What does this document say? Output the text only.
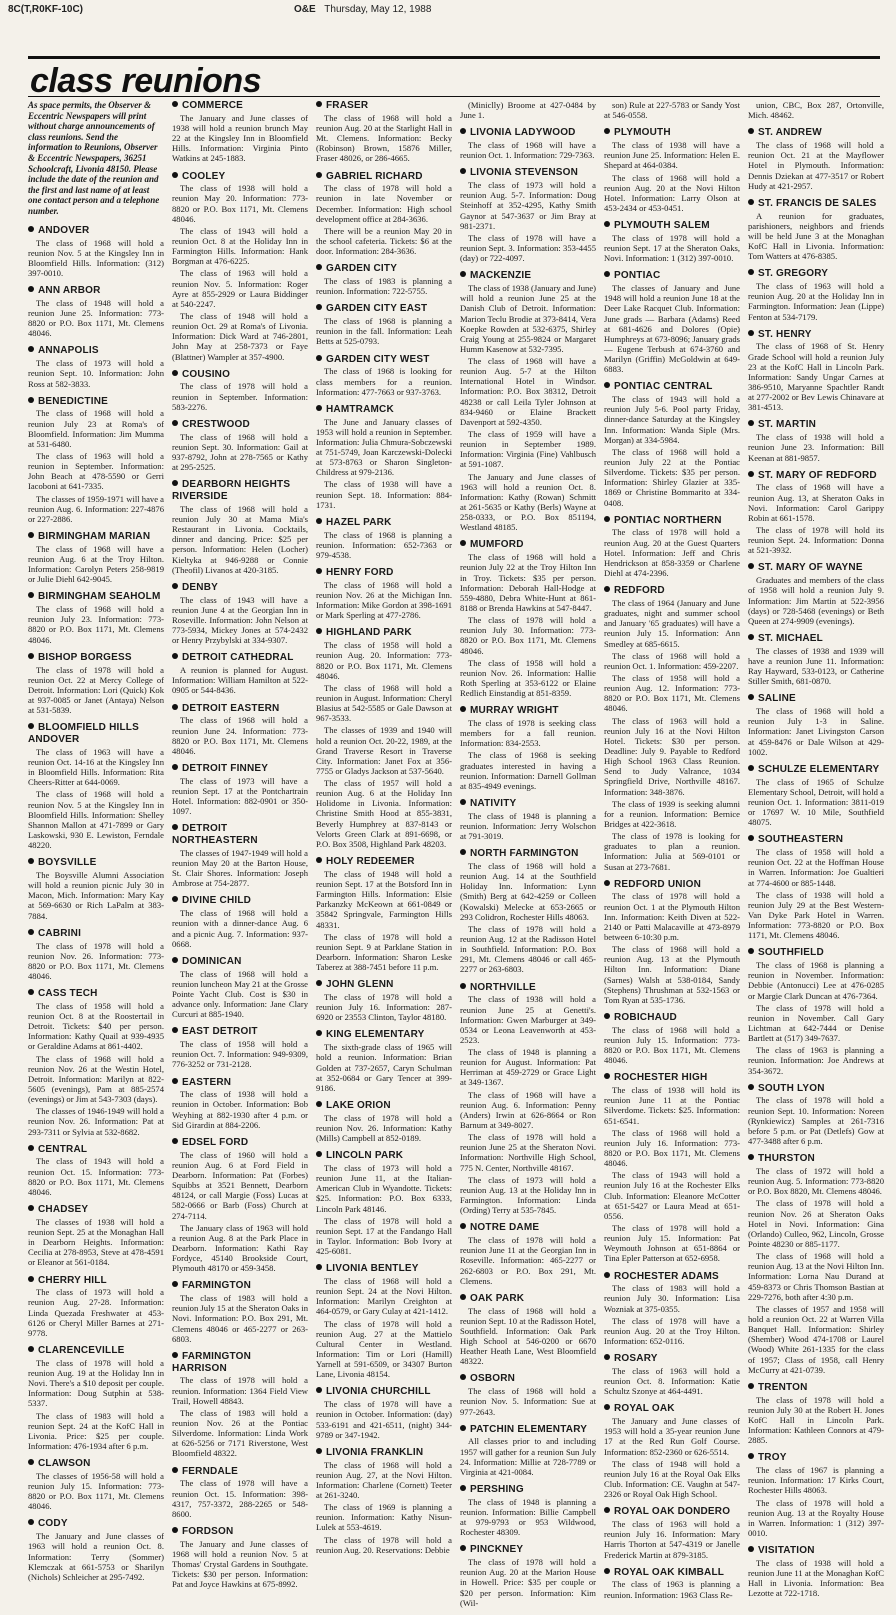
8C(T,R0KF-10C)	O&E Thursday, May 12, 1988
class reunions

As space permits, the Observer & Eccentric Newspapers will print without charge announcements of class reunions. Send the information to Reunions, Observer & Eccentric Newspapers, 36251 Schoolcraft, Livonia 48150. Please include the date of the reunion and the first and last name of at least one contact person and a telephone number.

ANDOVER

The class of 1968 will hold a reunion Nov. 5 at the Kingsley Inn in Bloomfield Hills. Information: (312) 397-0010.

ANN ARBOR

The class of 1948 will hold a reunion June 25. Information: 773-8820 or P.O. Box 1171, Mt. Clemens 48046.

ANNAPOLIS

The class of 1973 will hold a reunion Sept. 10. Information: John Ross at 582-3833.

BENEDICTINE

The class of 1968 will hold a reunion July 23 at Roma's of Bloomfield. Information: Jim Mumma at 531-6480.

The class of 1963 will hold a reunion in September. Information: John Beach at 478-5590 or Gerri Iacoboni at 641-7335.

The classes of 1959-1971 will have a reunion Aug. 6. Information: 227-4876 or 227-2886.

BIRMINGHAM MARIAN

The class of 1968 will have a reunion Aug. 6 at the Troy Hilton. Information: Carolyn Peters 258-9819 or Julie Diehl 642-9045.

BIRMINGHAM SEAHOLM

The class of 1968 will hold a reunion July 23. Information: 773-8820 or P.O. Box 1171, Mt. Clemens 48046.

BISHOP BORGESS

The class of 1978 will hold a reunion Oct. 22 at Mercy College of Detroit. Information: Lori (Quick) Kok at 937-0085 or Janet (Antaya) Nelson at 531-5839.

BLOOMFIELD HILLS ANDOVER

The class of 1963 will have a reunion Oct. 14-16 at the Kingsley Inn in Bloomfield Hills. Information: Rita Cheers-Ritter at 644-0069.

The class of 1968 will hold a reunion Nov. 5 at the Kingsley Inn in Bloomfield Hills. Information: Shelley Shannon Mallon at 471-7899 or Gary Laskowski, 930 E. Lewiston, Ferndale 48220.

BOYSVILLE

The Boysville Alumni Association will hold a reunion picnic July 30 in Macon, Mich. Information: Mary Kay at 569-6630 or Rich LaPalm at 383-7884.

CABRINI

The class of 1978 will hold a reunion Nov. 26. Information: 773-8820 or P.O. Box 1171, Mt. Clemens 48046.

CASS TECH

The class of 1958 will hold a reunion Oct. 8 at the Roostertail in Detroit. Tickets: $40 per person. Information: Kathy Quail at 939-4935 or Geraldine Adams at 861-4402.

The class of 1968 will hold a reunion Nov. 26 at the Westin Hotel, Detroit. Information: Marilyn at 822-5605 (evenings), Pam at 885-2574 (evenings) or Jim at 543-7303 (days).

The classes of 1946-1949 will hold a reunion Nov. 26. Information: Pat at 293-7311 or Sylvia at 532-8682.

CENTRAL

The class of 1943 will hold a reunion Oct. 15. Information: 773-8820 or P.O. Box 1171, Mt. Clemens 48046.

CHADSEY

The classes of 1938 will hold a reunion Sept. 25 at the Monaghan Hall in Dearborn Heights. Information: Cecilia at 278-8953, Steve at 478-4591 or Eleanor at 561-0184.

CHERRY HILL

The class of 1973 will hold a reunion Aug. 27-28. Information: Linda Quezada Freshwater at 453-6126 or Cheryl Miller Barnes at 271-9778.

CLARENCEVILLE

The class of 1978 will hold a reunion Aug. 19 at the Holiday Inn in Novi. There's a $10 deposit per couple. Information: Doug Sutphin at 538-5337.

The class of 1983 will hold a reunion Sept. 24 at the KofC Hall in Livonia. Price: $25 per couple. Information: 476-1934 after 6 p.m.

CLAWSON

The classes of 1956-58 will hold a reunion July 15. Information: 773-8820 or P.O. Box 1171, Mt. Clemens 48046.

CODY

The January and June classes of 1963 will hold a reunion Oct. 8. Information: Terry (Sommer) Klemczak at 661-5753 or Sharilyn (Nichols) Schleicher at 295-7492.

COMMERCE

The January and June classes of 1938 will hold a reunion brunch May 22 at the Kingsley Inn in Bloomfield Hills. Information: Virginia Pinto Watkins at 245-1883.

COOLEY

The class of 1938 will hold a reunion May 20. Information: 773-8820 or P.O. Box 1171, Mt. Clemens 48046.

The class of 1943 will hold a reunion Oct. 8 at the Holiday Inn in Farmington Hills. Information: Hank Borgman at 476-6225.

The class of 1963 will hold a reunion Nov. 5. Information: Roger Ayre at 855-2929 or Laura Biddinger at 540-2247.

The class of 1948 will hold a reunion Oct. 29 at Roma's of Livonia. Information: Dick Ward at 746-2801, John May at 258-7373 or Faye (Blattner) Wampler at 357-4900.

COUSINO

The class of 1978 will hold a reunion in September. Information: 583-2276.

CRESTWOOD

The class of 1968 will hold a reunion Sept. 30. Information: Gail at 937-8792, John at 278-7565 or Kathy at 295-2525.

DEARBORN HEIGHTS RIVERSIDE

The class of 1968 will hold a reunion July 30 at Mama Mia's Restaurant in Livonia. Cocktails, dinner and dancing. Price: $25 per person. Information: Helen (Locher) Kieltyka at 946-9288 or Connie (Theofil) Livanos at 420-3185.

DENBY

The class of 1943 will have a reunion June 4 at the Georgian Inn in Roseville. Information: John Nelson at 773-5934, Mickey Jones at 574-2432 or Henry Przybylski at 334-9307.

DETROIT CATHEDRAL

A reunion is planned for August. Information: William Hamilton at 522-0905 or 544-8436.

DETROIT EASTERN

The class of 1968 will hold a reunion June 24. Information: 773-8820 or P.O. Box 1171, Mt. Clemens 48046.

DETROIT FINNEY

The class of 1973 will have a reunion Sept. 17 at the Pontchartrain Hotel. Information: 882-0901 or 350-1097.

DETROIT NORTHEASTERN

The classes of 1947-1949 will hold a reunion May 20 at the Barton House, St. Clair Shores. Information: Joseph Ambrose at 754-2877.

DIVINE CHILD

The class of 1968 will hold a reunion with a dinner-dance Aug. 6 and a picnic Aug. 7. Information: 937-0668.

DOMINICAN

The class of 1968 will hold a reunion luncheon May 21 at the Grosse Pointe Yacht Club. Cost is $30 in advance only. Information: Jane Clary Curcuri at 885-1940.

EAST DETROIT

The class of 1958 will hold a reunion Oct. 7. Information: 949-9309, 776-3252 or 731-2128.

EASTERN

The class of 1938 will hold a reunion in October. Information: Bob Weyhing at 882-1930 after 4 p.m. or Sid Girardin at 884-2206.

EDSEL FORD

The class of 1960 will hold a reunion Aug. 6 at Ford Field in Dearborn. Information: Pat (Forbes) Squibbs at 3521 Bennett, Dearborn 48124, or call Margie (Foss) Lucas at 582-0666 or Barb (Foss) Church at 274-7114.

The January class of 1963 will hold a reunion Aug. 8 at the Park Place in Dearborn. Information: Kathi Ray Fordyce, 45140 Brookside Court, Plymouth 48170 or 459-3458.

FARMINGTON

The class of 1983 will hold a reunion July 15 at the Sheraton Oaks in Novi. Information: P.O. Box 291, Mt. Clemens 48046 or 465-2277 or 263-6803.

FARMINGTON HARRISON

The class of 1978 will hold a reunion. Information: 1364 Field View Trail, Howell 48843.

The class of 1983 will hold a reunion Nov. 26 at the Pontiac Silverdome. Information: Linda Work at 626-5256 or 7171 Riverstone, West Bloomfield 48322.

FERNDALE

The class of 1978 will have a reunion Oct. 15. Information: 398-4317, 757-3372, 288-2265 or 548-8600.

FORDSON

The January and June classes of 1968 will hold a reunion Nov. 5 at Thomas' Crystal Gardens in Southgate. Tickets: $30 per person. Information: Pat and Joyce Hawkins at 675-8992.

FRASER

The class of 1968 will hold a reunion Aug. 20 at the Starlight Hall in Mt. Clemens. Information: Becky (Robinson) Brown, 15876 Miller, Fraser 48026, or 286-4665.

GABRIEL RICHARD

The class of 1978 will hold a reunion in late November or December. Information: High school development office at 284-3636.

There will be a reunion May 20 in the school cafeteria. Tickets: $6 at the door. Information: 284-3636.

GARDEN CITY

The class of 1983 is planning a reunion. Information: 722-5755.

GARDEN CITY EAST

The class of 1968 is planning a reunion in the fall. Information: Leah Betts at 525-0793.

GARDEN CITY WEST

The class of 1968 is looking for class members for a reunion. Information: 477-7663 or 937-3763.

HAMTRAMCK

The June and January classes of 1953 will hold a reunion in September. Information: Julia Chmura-Sobczewski at 751-5749, Joan Karczewski-Dolecki at 573-8763 or Sharon Singleton-Childress at 979-2136.

The class of 1938 will have a reunion Sept. 18. Information: 884-1731.

HAZEL PARK

The class of 1968 is planning a reunion. Information: 652-7363 or 979-4538.

HENRY FORD

The class of 1968 will hold a reunion Nov. 26 at the Michigan Inn. Information: Mike Gordon at 398-1691 or Mark Sperling at 477-2786.

HIGHLAND PARK

The class of 1958 will hold a reunion Aug. 20. Information: 773-8820 or P.O. Box 1171, Mt. Clemens 48046.

The class of 1968 will hold a reunion in August. Information: Cheryl Blasius at 542-5585 or Gale Dawson at 967-3533.

The classes of 1939 and 1940 will hold a reunion Oct. 20-22, 1989, at the Grand Traverse Resort in Traverse City. Information: Janet Fox at 356-7755 or Gladys Jackson at 537-5640.

The class of 1957 will hold a reunion Aug. 6 at the Holiday Inn Holidome in Livonia. Information: Christine Smith Hood at 855-3831, Beverly Humphrey at 837-8143 or Velorts Green Clark at 891-6698, or P.O. Box 3508, Highland Park 48203.

HOLY REDEEMER

The class of 1948 will hold a reunion Sept. 17 at the Botsford Inn in Farmington Hills. Information: Elsie Parkanzky McKeown at 661-0849 or 35842 Springvale, Farmington Hills 48331.

The class of 1978 will hold a reunion Sept. 9 at Parklane Station in Dearborn. Information: Sharon Leske Taberez at 388-7451 before 11 p.m.

JOHN GLENN

The class of 1978 will hold a reunion July 16. Information: 287-6920 or 23553 Clinton, Taylor 48180.

KING ELEMENTARY

The sixth-grade class of 1965 will hold a reunion. Information: Brian Golden at 737-2657, Caryn Schulman at 352-0684 or Gary Tencer at 399-9186.

LAKE ORION

The class of 1978 will hold a reunion Nov. 26. Information: Kathy (Mills) Campbell at 852-0189.

LINCOLN PARK

The class of 1973 will hold a reunion June 11, at the Italian-American Club in Wyandotte. Tickets: $25. Information: P.O. Box 6333, Lincoln Park 48146.

The class of 1978 will hold a reunion Sept. 17 at the Fandango Hall in Taylor. Information: Bob Ivory at 425-6081.

LIVONIA BENTLEY

The class of 1968 will hold a reunion Sept. 24 at the Novi Hilton. Information: Marilyn Creighton at 464-0579, or Gary Culay at 421-1412.

The class of 1978 will hold a reunion Aug. 27 at the Mattielo Cultural Center in Westland. Information: Tim or Lori (Hamill) Yarnell at 591-6509, or 34307 Burton Lane, Livonia 48154.

LIVONIA CHURCHILL

The class of 1978 will have a reunion in October. Information: (day) 533-6191 and 421-6511, (night) 344-9789 or 347-1942.

LIVONIA FRANKLIN

The class of 1968 will hold a reunion Aug. 27, at the Novi Hilton. Information: Charlene (Cornett) Teeter at 261-3240.

The class of 1969 is planning a reunion. Information: Kathy Nisun-Lulek at 553-4619.

The class of 1978 will hold a reunion Aug. 20. Reservations: Debbie

(Miniclly) Broome at 427-0484 by June 1.

LIVONIA LADYWOOD

The class of 1968 will have a reunion Oct. 1. Information: 729-7363.

LIVONIA STEVENSON

The class of 1973 will hold a reunion Aug. 5-7. Information: Doug Steinhoff at 352-4295, Kathy Smith Gaynor at 547-3637 or Jim Bray at 981-2371.

The class of 1978 will have a reunion Sept. 3. Information: 353-4455 (day) or 722-4097.

MACKENZIE

The class of 1938 (January and June) will hold a reunion June 25 at the Danish Club of Detroit. Information: Marion Teclu Brodie at 373-8414, Vera Koepke Rowden at 532-6375, Shirley Craig Young at 255-9824 or Margaret Humm Kasenow at 532-7395.

The class of 1968 will have a reunion Aug. 5-7 at the Hilton International Hotel in Windsor. Information: P.O. Box 38312, Detroit 48238 or call Leila Tyler Johnson at 834-9460 or Elaine Brackett Davenport at 592-4350.

The class of 1959 will have a reunion in September 1989. Information: Virginia (Fine) Vahlbusch at 591-1087.

The January and June classes of 1963 will hold a reunion Oct. 8. Information: Kathy (Rowan) Schmitt at 261-5635 or Kathy (Berls) Wayne at 258-0333, or P.O. Box 851194, Westland 48185.

MUMFORD

The class of 1968 will hold a reunion July 22 at the Troy Hilton Inn in Troy. Tickets: $35 per person. Information: Deborah Hall-Hodge at 559-4880, Debra White-Hunt at 861-8188 or Brenda Hawkins at 547-8447.

The class of 1978 will hold a reunion July 30. Information: 773-8820 or P.O. Box 1171, Mt. Clemens 48046.

The class of 1958 will hold a reunion Nov. 26. Information: Hallie Roth Sperling at 353-6122 or Elaine Redlich Einstandig at 851-8359.

MURRAY WRIGHT

The class of 1978 is seeking class members for a fall reunion. Information: 834-2553.

The class of 1968 is seeking graduates interested in having a reunion. Information: Darnell Gollman at 835-4949 evenings.

NATIVITY

The class of 1948 is planning a reunion. Information: Jerry Wolschon at 791-3019.

NORTH FARMINGTON

The class of 1968 will hold a reunion Aug. 14 at the Southfield Holiday Inn. Information: Lynn (Smith) Berg at 642-4259 or Colleen (Kowalski) Melecke at 653-2665 or 293 Colidron, Rochester Hills 48063.

The class of 1978 will hold a reunion Aug. 12 at the Radisson Hotel in Southfield. Information: P.O. Box 291, Mt. Clemens 48046 or call 465-2277 or 263-6803.

NORTHVILLE

The class of 1938 will hold a reunion June 25 at Genetti's. Information: Gwen Marburger at 349-0534 or Leona Leavenworth at 453-2523.

The class of 1948 is planning a reunion for August. Information: Pat Herriman at 459-2729 or Grace Light at 349-1367.

The class of 1968 will have a reunion Aug. 6. Information: Penny (Anders) Irwin at 626-8664 or Ron Barnum at 349-8027.

The class of 1978 will hold a reunion June 25 at the Sheraton Novi. Information: Northville High School, 775 N. Center, Northville 48167.

The class of 1973 will hold a reunion Aug. 13 at the Holiday Inn in Farmington. Information: Linda (Ording) Terry at 535-7845.

NOTRE DAME

The class of 1978 will hold a reunion June 11 at the Georgian Inn in Roseville. Information: 465-2277 or 262-6803 or P.O. Box 291, Mt. Clemens.

OAK PARK

The class of 1968 will hold a reunion Sept. 10 at the Radisson Hotel, Southfield. Information: Oak Park High School at 546-0200 or 6670 Heather Heath Lane, West Bloomfield 48322.

OSBORN

The class of 1968 will hold a reunion Nov. 5. Information: Sue at 977-2643.

PATCHIN ELEMENTARY

All classes prior to and including 1957 will gather for a reunion Sun July 24. Information: Millie at 728-7789 or Virginia at 421-0084.

PERSHING

The class of 1948 is planning a reunion. Information: Billie Campbell at 979-9793 or 953 Wildwood, Rochester 48309.

PINCKNEY

The class of 1978 will hold a reunion Aug. 20 at the Marion House in Howell. Price: $35 per couple or $20 per person. Information: Kim (Wil-

son) Rule at 227-5783 or Sandy Yost at 546-0558.

PLYMOUTH

The class of 1938 will have a reunion June 25. Information: Helen E. Shepard at 464-0384.

The class of 1968 will hold a reunion Aug. 20 at the Novi Hilton Hotel. Information: Larry Olson at 453-2434 or 453-0451.

PLYMOUTH SALEM

The class of 1978 will hold a reunion Sept. 17 at the Sheraton Oaks, Novi. Information: 1 (312) 397-0010.

PONTIAC

The classes of January and June 1948 will hold a reunion June 18 at the Deer Lake Racquet Club. Information: June grads — Barbara (Adams) Reed at 681-4626 and Dolores (Opie) Humphreys at 673-8096; January grads — Eugene Terbush at 674-3760 and Marilyn (Griffin) McGoldwin at 649-6883.

PONTIAC CENTRAL

The class of 1943 will hold a reunion July 5-6. Pool party Friday, dinner-dance Saturday at the Kingsley Inn. Information: Wanda Siple (Mrs. Morgan) at 334-5984.

The class of 1968 will hold a reunion July 22 at the Pontiac Silverdome. Tickets: $35 per person. Information: Shirley Glazier at 335-1869 or Christine Bommarito at 334-0408.

PONTIAC NORTHERN

The class of 1978 will hold a reunion Aug. 20 at the Guest Quarters Hotel. Information: Jeff and Chris Hendrickson at 858-3359 or Charlene Diehl at 474-2396.

REDFORD

The class of 1964 (January and June graduates, night and summer school and January '65 graduates) will have a reunion July 15. Information: Ann Smedley at 685-6615.

The class of 1968 will hold a reunion Oct. 1. Information: 459-2207.

The class of 1958 will hold a reunion Aug. 12. Information: 773-8820 or P.O. Box 1171, Mt. Clemens 48046.

The class of 1963 will hold a reunion July 16 at the Novi Hilton Hotel. Tickets: $30 per person. Deadline: July 9. Payable to Redford High School 1963 Class Reunion. Send to Judy Valrance, 1034 Springfield Drive, Northville 48167. Information: 348-3876.

The class of 1939 is seeking alumni for a reunion. Information: Bernice Bridges at 422-3618.

The class of 1978 is looking for graduates to plan a reunion. Information: Julia at 569-0101 or Susan at 273-7681.

REDFORD UNION

The class of 1978 will hold a reunion Oct. 1 at the Plymouth Hilton Inn. Information: Keith Diven at 522-2140 or Patti Malacaville at 473-8979 between 6-10:30 p.m.

The class of 1968 will hold a reunion Aug. 13 at the Plymouth Hilton Inn. Information: Diane (Sarnes) Walsh at 538-0184, Sandy (Stephens) Thrushman at 532-1563 or Tom Ryan at 535-1736.

ROBICHAUD

The class of 1968 will hold a reunion July 15. Information: 773-8820 or P.O. Box 1171, Mt. Clemens 48046.

ROCHESTER HIGH

The class of 1938 will hold its reunion June 11 at the Pontiac Silverdome. Tickets: $25. Information: 651-6541.

The class of 1968 will hold a reunion July 16. Information: 773-8820 or P.O. Box 1171, Mt. Clemens 48046.

The class of 1943 will hold a reunion July 16 at the Rochester Elks Club. Information: Eleanore McCotter at 651-5427 or Laura Mead at 651-0556.

The class of 1978 will hold a reunion July 15. Information: Pat Weymouth Johnson at 651-8864 or Tina Epler Patterson at 652-6958.

ROCHESTER ADAMS

The class of 1983 will hold a reunion July 30. Information: Lisa Wozniak at 375-0355.

The class of 1978 will have a reunion Aug. 20 at the Troy Hilton. Information: 652-0116.

ROSARY

The class of 1963 will hold a reunion Oct. 8. Information: Katie Schultz Szonye at 464-4491.

ROYAL OAK

The January and June classes of 1953 will hold a 35-year reunion June 17 at the Red Run Golf Course. Information: 852-2360 or 626-5514.

The class of 1948 will hold a reunion July 16 at the Royal Oak Elks Club. Information: CE. Vaughn at 547-2326 or Royal Oak High School.

ROYAL OAK DONDERO

The class of 1963 will hold a reunion July 16. Information: Mary Harris Thorton at 547-4319 or Janelle Frederick Martin at 879-3185.

ROYAL OAK KIMBALL

The class of 1963 is planning a reunion. Information: 1963 Class Re-

union, CBC, Box 287, Ortonville, Mich. 48462.

ST. ANDREW

The class of 1968 will hold a reunion Oct. 21 at the Mayflower Hotel in Plymouth. Information: Dennis Dziekan at 477-3517 or Robert Hudy at 421-2957.

ST. FRANCIS DE SALES

A reunion for graduates, parishioners, neighbors and friends will be held June 3 at the Monaghan KofC Hall in Livonia. Information: Tom Watters at 476-8385.

ST. GREGORY

The class of 1963 will hold a reunion Aug. 20 at the Holiday Inn in Farmington. Information: Jean (Lippe) Fenton at 534-7179.

ST. HENRY

The class of 1968 of St. Henry Grade School will hold a reunion July 23 at the KofC Hall in Lincoln Park. Information: Sandy Ungar Carnes at 386-9510, Maryanne Spachtler Randt at 277-2002 or Bev Lewis Chinavare at 381-4513.

ST. MARTIN

The class of 1938 will hold a reunion June 23. Information: Bill Keenan at 881-9857.

ST. MARY OF REDFORD

The class of 1968 will have a reunion Aug. 13, at Sheraton Oaks in Novi. Information: Carol Garippy Robin at 661-1578.

The class of 1978 will hold its reunion Sept. 24. Information: Donna at 521-3932.

ST. MARY OF WAYNE

Graduates and members of the class of 1958 will hold a reunion July 9. Information: Jim Martin at 522-3956 (days) or 728-5468 (evenings) or Beth Queen at 274-9909 (evenings).

ST. MICHAEL

The classes of 1938 and 1939 will have a reunion June 11. Information: Ray Hayward, 533-0123, or Catherine Stiller Smith, 681-0870.

SALINE

The class of 1968 will hold a reunion July 1-3 in Saline. Information: Janet Livingston Carson at 459-8476 or Dale Wilson at 429-1002.

SCHULZE ELEMENTARY

The class of 1965 of Schulze Elementary School, Detroit, will hold a reunion Oct. 1. Information: 3811-019 or 17697 W. 10 Mile, Southfield 48075.

SOUTHEASTERN

The class of 1958 will hold a reunion Oct. 22 at the Hoffman House in Warren. Information: Joe Gualtieri at 774-4600 or 885-1448.

The class of 1938 will hold a reunion July 29 at the Best Western-Van Dyke Park Hotel in Warren. Information: 773-8820 or P.O. Box 1171, Mt. Clemens 48046.

SOUTHFIELD

The class of 1968 is planning a reunion in November. Information: Debbie (Antonucci) Lee at 476-0285 or Margie Clark Duncan at 476-7364.

The class of 1978 will hold a reunion in November. Call Gary Lichtman at 642-7444 or Denise Bartlett at (517) 349-7637.

The class of 1963 is planning a reunion. Information: Joe Andrews at 354-3672.

SOUTH LYON

The class of 1978 will hold a reunion Sept. 10. Information: Noreen (Rynkiewicz) Samples at 261-7316 before 5 p.m. or Pat (Detlefs) Gow at 477-3488 after 6 p.m.

THURSTON

The class of 1972 will hold a reunion Aug. 5. Information: 773-8820 or P.O. Box 8820, Mt. Clemens 48046.

The class of 1978 will hold a reunion Nov. 26 at Sheraton Oaks Hotel in Novi. Information: Gina (Orlando) Culleo, 962, Lincoln, Grosse Pointe 48230 or 885-1177.

The class of 1968 will hold a reunion Aug. 13 at the Novi Hilton Inn. Information: Lorna Nau Durand at 459-8373 or Chris Thomson Bastian at 229-7276, both after 4:30 p.m.

The classes of 1957 and 1958 will hold a reunion Oct. 22 at Warren Villa Banquet Hall. Information: Shirley (Shember) Wood 474-1708 or Laurel (Wood) White 261-1335 for the class of 1957; Class of 1958, call Henry McCurry at 421-0739.

TRENTON

The class of 1978 will hold a reunion July 30 at the Robert H. Jones KofC Hall in Lincoln Park. Information: Kathleen Connors at 479-2885.

TROY

The class of 1967 is planning a reunion. Information: 17 Kirks Court, Rochester Hills 48063.

The class of 1978 will hold a reunion Aug. 13 at the Royalty House in Warren. Information: 1 (312) 397-0010.

VISITATION

The class of 1938 will hold a reunion June 11 at the Monaghan KofC Hall in Livonia. Information: Bea Lezotte at 722-1718.
